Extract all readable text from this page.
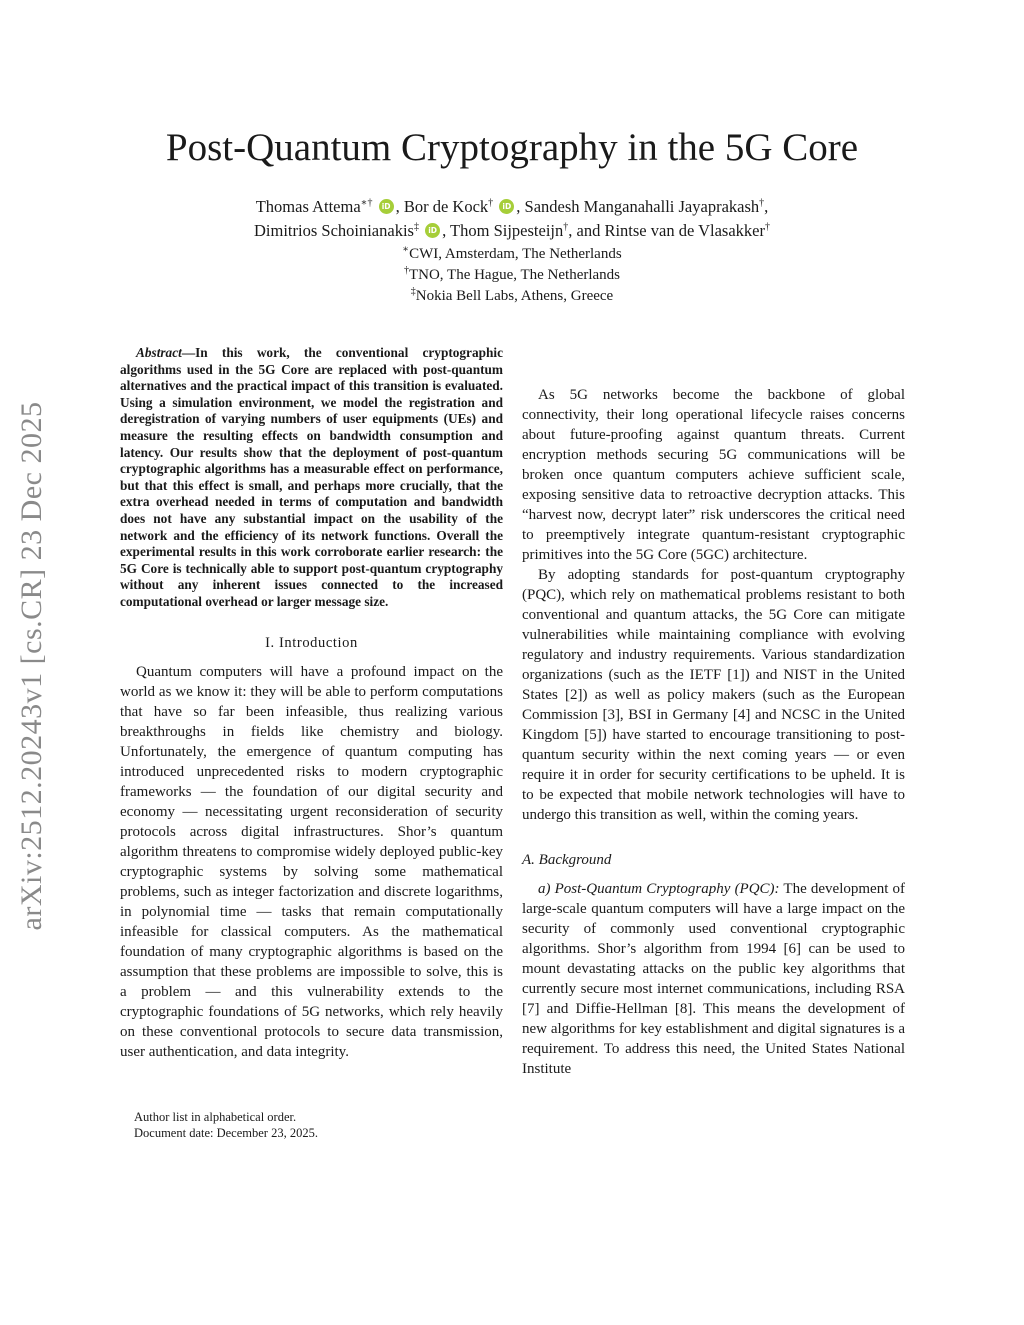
arXiv:2512.20243v1 [cs.CR] 23 Dec 2025
Post-Quantum Cryptography in the 5G Core
Thomas Attema∗† iD , Bor de Kock† iD , Sandesh Manganahalli Jayaprakash†,
Dimitrios Schoinianakis‡ iD , Thom Sijpesteijn†, and Rintse van de Vlasakker†
∗CWI, Amsterdam, The Netherlands
†TNO, The Hague, The Netherlands
‡Nokia Bell Labs, Athens, Greece

Abstract—In this work, the conventional cryptographic algorithms used in the 5G Core are replaced with post-quantum alternatives and the practical impact of this transition is evaluated. Using a simulation environment, we model the registration and deregistration of varying numbers of user equipments (UEs) and measure the resulting effects on bandwidth consumption and latency. Our results show that the deployment of post-quantum cryptographic algorithms has a measurable effect on performance, but that this effect is small, and perhaps more crucially, that the extra overhead needed in terms of computation and bandwidth does not have any substantial impact on the usability of the network and the efficiency of its network functions. Overall the experimental results in this work corroborate earlier research: the 5G Core is technically able to support post-quantum cryptography without any inherent issues connected to the increased computational overhead or larger message size.

I. Introduction

Quantum computers will have a profound impact on the world as we know it: they will be able to perform computations that have so far been infeasible, thus realizing various breakthroughs in fields like chemistry and biology. Unfortunately, the emergence of quantum computing has introduced unprecedented risks to modern cryptographic frameworks — the foundation of our digital security and economy — necessitating urgent reconsideration of security protocols across digital infrastructures. Shor’s quantum algorithm threatens to compromise widely deployed public-key cryptographic systems by solving some mathematical problems, such as integer factorization and discrete logarithms, in polynomial time — tasks that remain computationally infeasible for classical computers. As the mathematical foundation of many cryptographic algorithms is based on the assumption that these problems are impossible to solve, this is a problem — and this vulnerability extends to the cryptographic foundations of 5G networks, which rely heavily on these conventional protocols to secure data transmission, user authentication, and data integrity.

As 5G networks become the backbone of global connectivity, their long operational lifecycle raises concerns about future-proofing against quantum threats. Current encryption methods securing 5G communications will be broken once quantum computers achieve sufficient scale, exposing sensitive data to retroactive decryption attacks. This “harvest now, decrypt later” risk underscores the critical need to preemptively integrate quantum-resistant cryptographic primitives into the 5G Core (5GC) architecture.

By adopting standards for post-quantum cryptography (PQC), which rely on mathematical problems resistant to both conventional and quantum attacks, the 5G Core can mitigate vulnerabilities while maintaining compliance with evolving regulatory and industry requirements. Various standardization organizations (such as the IETF [1]) and NIST in the United States [2]) as well as policy makers (such as the European Commission [3], BSI in Germany [4] and NCSC in the United Kingdom [5]) have started to encourage transitioning to post-quantum security within the next coming years — or even require it in order for security certifications to be upheld. It is to be expected that mobile network technologies will have to undergo this transition as well, within the coming years.

A. Background

a) Post-Quantum Cryptography (PQC): The development of large-scale quantum computers will have a large impact on the security of commonly used conventional cryptographic algorithms. Shor’s algorithm from 1994 [6] can be used to mount devastating attacks on the public key algorithms that currently secure most internet communications, including RSA [7] and Diffie-Hellman [8]. This means the development of new algorithms for key establishment and digital signatures is a requirement. To address this need, the United States National Institute

Author list in alphabetical order.
Document date: December 23, 2025.
